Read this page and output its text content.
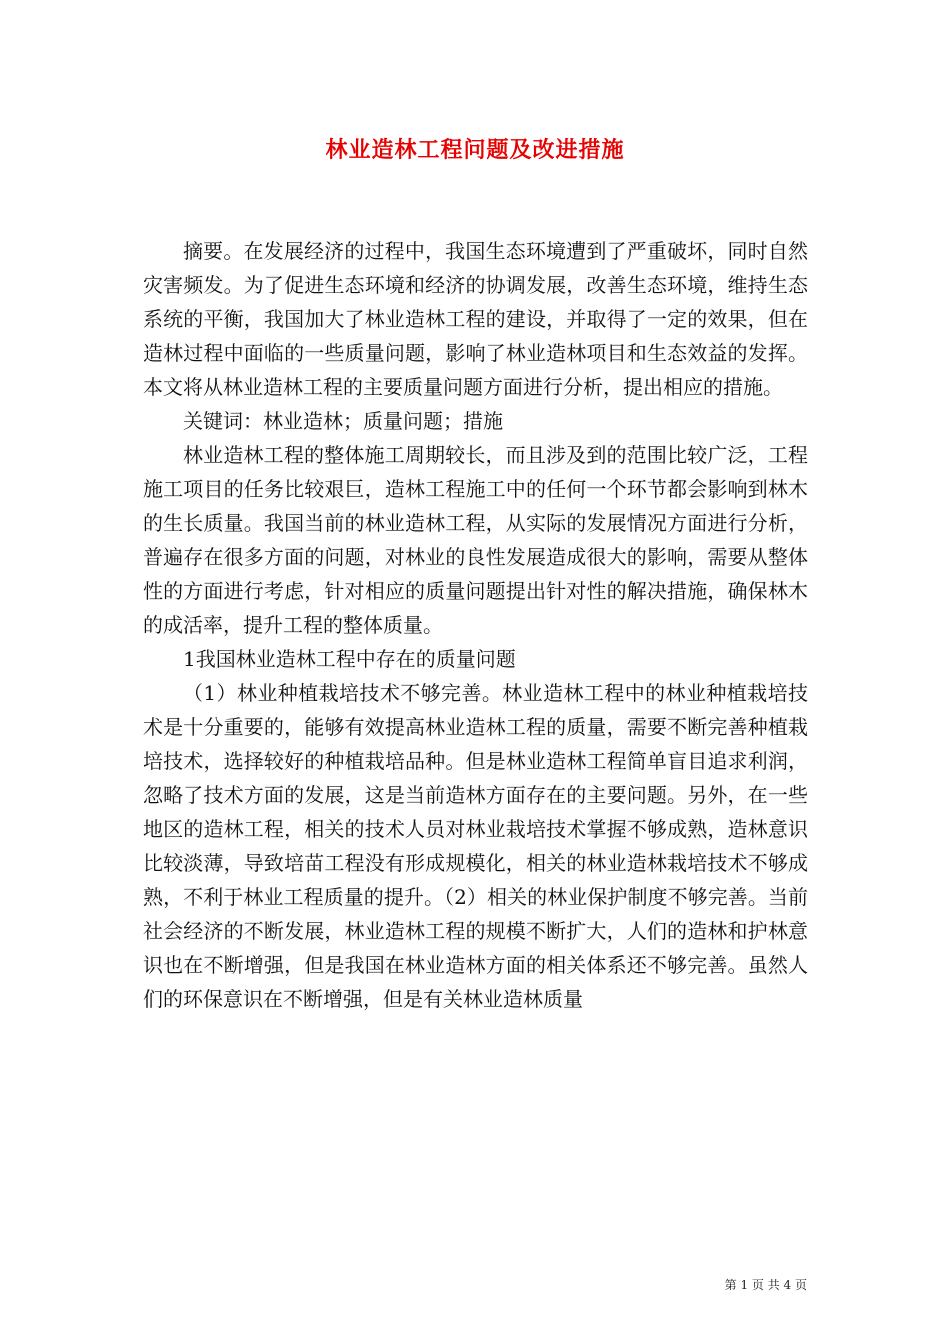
林业造林工程问题及改进措施

摘要。在发展经济的过程中，我国生态环境遭到了严重破坏，同时自然灾害频发。为了促进生态环境和经济的协调发展，改善生态环境，维持生态系统的平衡，我国加大了林业造林工程的建设，并取得了一定的效果，但在造林过程中面临的一些质量问题，影响了林业造林项目和生态效益的发挥。本文将从林业造林工程的主要质量问题方面进行分析，提出相应的措施。

关键词：林业造林；质量问题；措施

林业造林工程的整体施工周期较长，而且涉及到的范围比较广泛，工程施工项目的任务比较艰巨，造林工程施工中的任何一个环节都会影响到林木的生长质量。我国当前的林业造林工程，从实际的发展情况方面进行分析，普遍存在很多方面的问题，对林业的良性发展造成很大的影响，需要从整体性的方面进行考虑，针对相应的质量问题提出针对性的解决措施，确保林木的成活率，提升工程的整体质量。

1我国林业造林工程中存在的质量问题

（1）林业种植栽培技术不够完善。林业造林工程中的林业种植栽培技术是十分重要的，能够有效提高林业造林工程的质量，需要不断完善种植栽培技术，选择较好的种植栽培品种。但是林业造林工程简单盲目追求利润，忽略了技术方面的发展，这是当前造林方面存在的主要问题。另外，在一些地区的造林工程，相关的技术人员对林业栽培技术掌握不够成熟，造林意识比较淡薄，导致培苗工程没有形成规模化，相关的林业造林栽培技术不够成熟，不利于林业工程质量的提升。（2）相关的林业保护制度不够完善。当前社会经济的不断发展，林业造林工程的规模不断扩大，人们的造林和护林意识也在不断增强，但是我国在林业造林方面的相关体系还不够完善。虽然人们的环保意识在不断增强，但是有关林业造林质量

第 1 页 共 4 页
